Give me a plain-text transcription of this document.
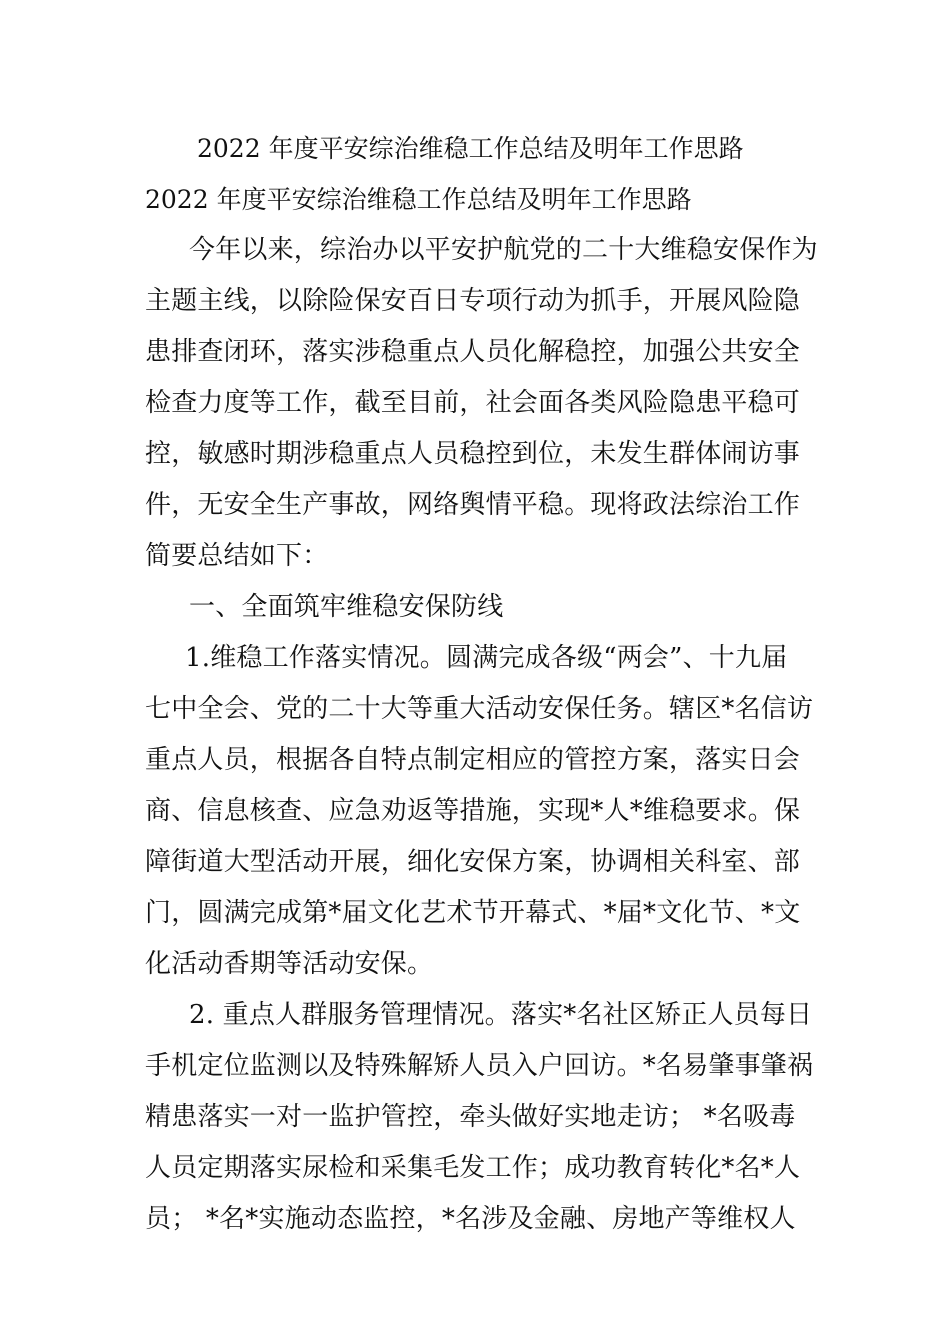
2022 年度平安综治维稳工作总结及明年工作思路
2022 年度平安综治维稳工作总结及明年工作思路
今年以来，综治办以平安护航党的二十大维稳安保作为
主题主线，以除险保安百日专项行动为抓手，开展风险隐
患排查闭环，落实涉稳重点人员化解稳控，加强公共安全
检查力度等工作，截至目前，社会面各类风险隐患平稳可
控，敏感时期涉稳重点人员稳控到位，未发生群体闹访事
件，无安全生产事故，网络舆情平稳。现将政法综治工作
简要总结如下：
一、全面筑牢维稳安保防线
1.维稳工作落实情况。圆满完成各级“两会”、十九届
七中全会、党的二十大等重大活动安保任务。辖区*名信访
重点人员，根据各自特点制定相应的管控方案，落实日会
商、信息核查、应急劝返等措施，实现*人*维稳要求。保
障街道大型活动开展，细化安保方案，协调相关科室、部
门，圆满完成第*届文化艺术节开幕式、*届*文化节、*文
化活动香期等活动安保。
2. 重点人群服务管理情况。落实*名社区矫正人员每日
手机定位监测以及特殊解矫人员入户回访。*名易肇事肇祸
精患落实一对一监护管控，牵头做好实地走访； *名吸毒
人员定期落实尿检和采集毛发工作；成功教育转化*名*人
员； *名*实施动态监控，*名涉及金融、房地产等维权人
